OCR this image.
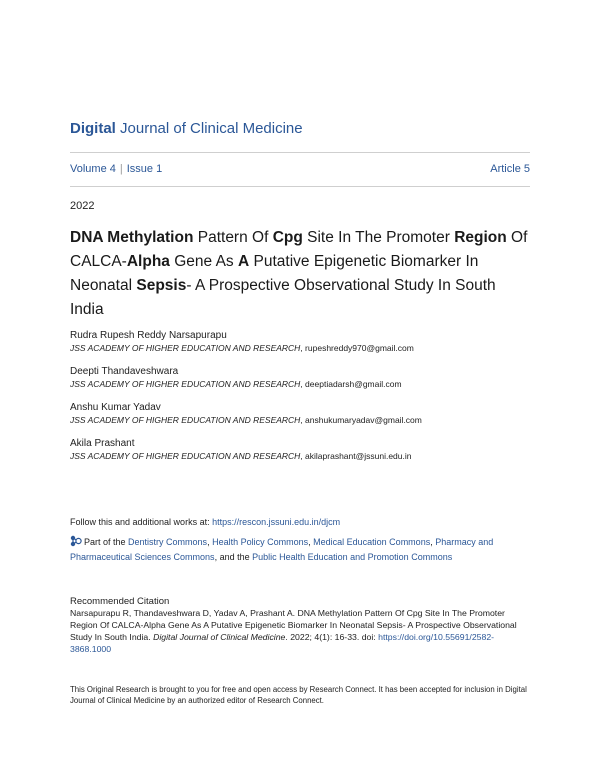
Digital Journal of Clinical Medicine
Volume 4 | Issue 1	Article 5
2022
DNA Methylation Pattern Of Cpg Site In The Promoter Region Of CALCA-Alpha Gene As A Putative Epigenetic Biomarker In Neonatal Sepsis- A Prospective Observational Study In South India
Rudra Rupesh Reddy Narsapurapu
JSS ACADEMY OF HIGHER EDUCATION AND RESEARCH, rupeshreddy970@gmail.com
Deepti Thandaveshwara
JSS ACADEMY OF HIGHER EDUCATION AND RESEARCH, deeptiadarsh@gmail.com
Anshu Kumar Yadav
JSS ACADEMY OF HIGHER EDUCATION AND RESEARCH, anshukumaryadav@gmail.com
Akila Prashant
JSS ACADEMY OF HIGHER EDUCATION AND RESEARCH, akilaprashant@jssuni.edu.in
Follow this and additional works at: https://rescon.jssuni.edu.in/djcm
Part of the Dentistry Commons, Health Policy Commons, Medical Education Commons, Pharmacy and Pharmaceutical Sciences Commons, and the Public Health Education and Promotion Commons
Recommended Citation
Narsapurapu R, Thandaveshwara D, Yadav A, Prashant A. DNA Methylation Pattern Of Cpg Site In The Promoter Region Of CALCA-Alpha Gene As A Putative Epigenetic Biomarker In Neonatal Sepsis- A Prospective Observational Study In South India. Digital Journal of Clinical Medicine. 2022; 4(1): 16-33. doi: https://doi.org/10.55691/2582-3868.1000
This Original Research is brought to you for free and open access by Research Connect. It has been accepted for inclusion in Digital Journal of Clinical Medicine by an authorized editor of Research Connect.
